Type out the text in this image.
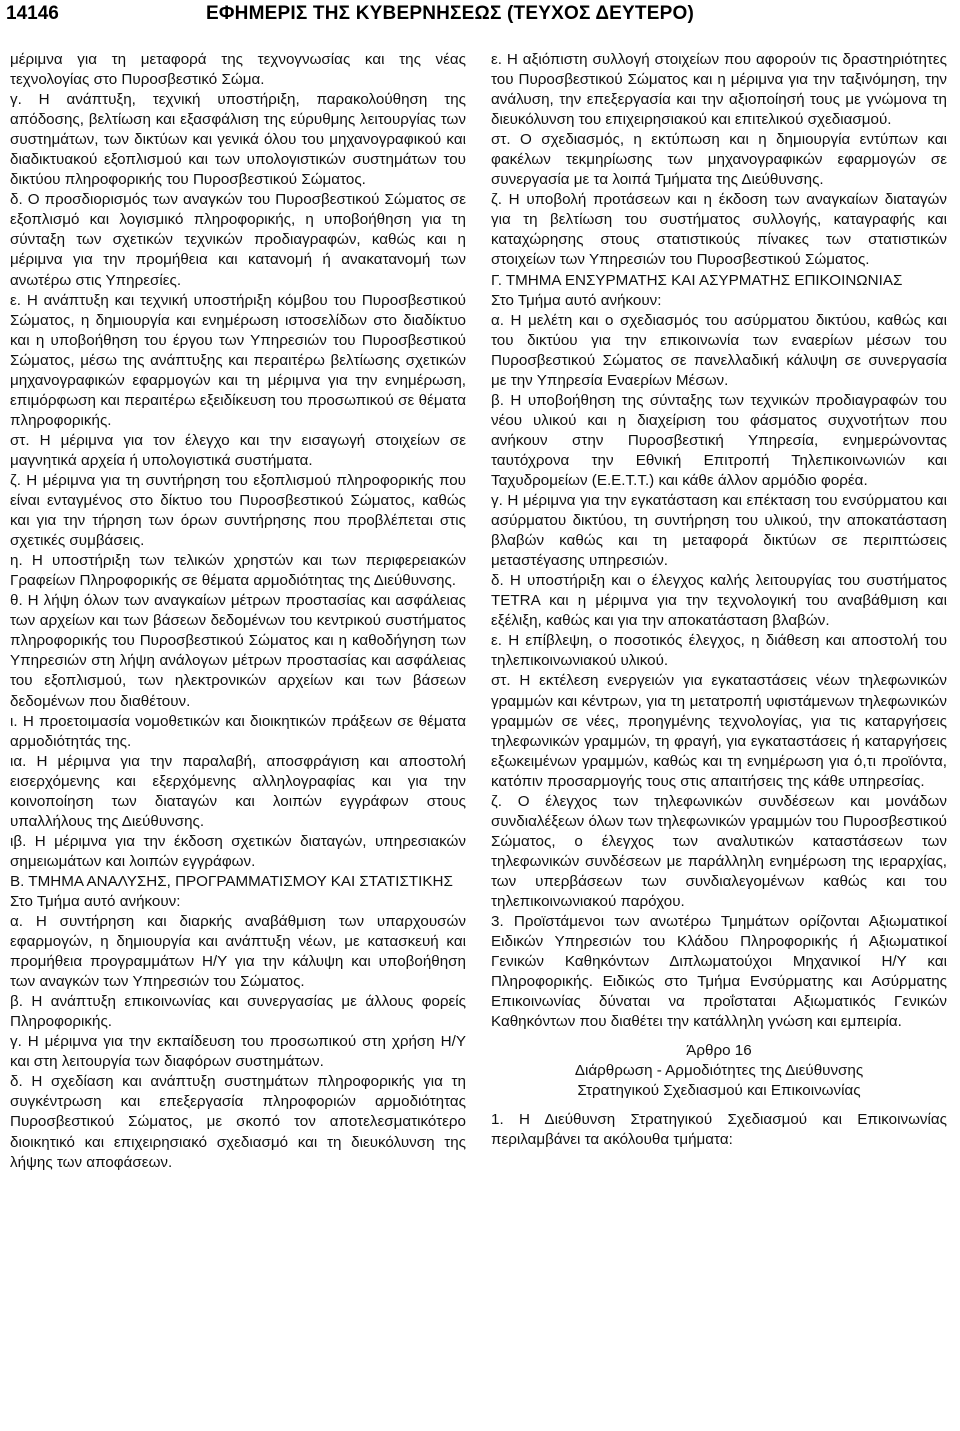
14146	ΕΦΗΜΕΡΙΣ ΤΗΣ ΚΥΒΕΡΝΗΣΕΩΣ (ΤΕΥΧΟΣ ΔΕΥΤΕΡΟ)

μέριμνα για τη μεταφορά της τεχνογνωσίας και της νέας τεχνολογίας στο Πυροσβεστικό Σώμα.

γ. Η ανάπτυξη, τεχνική υποστήριξη, παρακολούθηση της απόδοσης, βελτίωση και εξασφάλιση της εύρυθμης λειτουργίας των συστημάτων, των δικτύων και γενικά όλου του μηχανογραφικού και διαδικτυακού εξοπλισμού και των υπολογιστικών συστημάτων του δικτύου πληροφορικής του Πυροσβεστικού Σώματος.

δ. Ο προσδιορισμός των αναγκών του Πυροσβεστικού Σώματος σε εξοπλισμό και λογισμικό πληροφορικής, η υποβοήθηση για τη σύνταξη των σχετικών τεχνικών προδιαγραφών, καθώς και η μέριμνα για την προμήθεια και κατανομή ή ανακατανομή των ανωτέρω στις Υπηρεσίες.

ε. Η ανάπτυξη και τεχνική υποστήριξη κόμβου του Πυροσβεστικού Σώματος, η δημιουργία και ενημέρωση ιστοσελίδων στο διαδίκτυο και η υποβοήθηση του έργου των Υπηρεσιών του Πυροσβεστικού Σώματος, μέσω της ανάπτυξης και περαιτέρω βελτίωσης σχετικών μηχανογραφικών εφαρμογών και τη μέριμνα για την ενημέρωση, επιμόρφωση και περαιτέρω εξειδίκευση του προσωπικού σε θέματα πληροφορικής.

στ. Η μέριμνα για τον έλεγχο και την εισαγωγή στοιχείων σε μαγνητικά αρχεία ή υπολογιστικά συστήματα.

ζ. Η μέριμνα για τη συντήρηση του εξοπλισμού πληροφορικής που είναι ενταγμένος στο δίκτυο του Πυροσβεστικού Σώματος, καθώς και για την τήρηση των όρων συντήρησης που προβλέπεται στις σχετικές συμβάσεις.

η. Η υποστήριξη των τελικών χρηστών και των περιφερειακών Γραφείων Πληροφορικής σε θέματα αρμοδιότητας της Διεύθυνσης.

θ. Η λήψη όλων των αναγκαίων μέτρων προστασίας και ασφάλειας των αρχείων και των βάσεων δεδομένων του κεντρικού συστήματος πληροφορικής του Πυροσβεστικού Σώματος και η καθοδήγηση των Υπηρεσιών στη λήψη ανάλογων μέτρων προστασίας και ασφάλειας του εξοπλισμού, των ηλεκτρονικών αρχείων και των βάσεων δεδομένων που διαθέτουν.

ι. Η προετοιμασία νομοθετικών και διοικητικών πράξεων σε θέματα αρμοδιότητάς της.

ια. Η μέριμνα για την παραλαβή, αποσφράγιση και αποστολή εισερχόμενης και εξερχόμενης αλληλογραφίας και για την κοινοποίηση των διαταγών και λοιπών εγγράφων στους υπαλλήλους της Διεύθυνσης.

ιβ. Η μέριμνα για την έκδοση σχετικών διαταγών, υπηρεσιακών σημειωμάτων και λοιπών εγγράφων.

Β. ΤΜΗΜΑ ΑΝΑΛΥΣΗΣ, ΠΡΟΓΡΑΜΜΑΤΙΣΜΟΥ ΚΑΙ ΣΤΑΤΙΣΤΙΚΗΣ

Στο Τμήμα αυτό ανήκουν:

α. Η συντήρηση και διαρκής αναβάθμιση των υπαρχουσών εφαρμογών, η δημιουργία και ανάπτυξη νέων, με κατασκευή και προμήθεια προγραμμάτων Η/Υ για την κάλυψη και υποβοήθηση των αναγκών των Υπηρεσιών του Σώματος.

β. Η ανάπτυξη επικοινωνίας και συνεργασίας με άλλους φορείς Πληροφορικής.

γ. Η μέριμνα για την εκπαίδευση του προσωπικού στη χρήση Η/Υ και στη λειτουργία των διαφόρων συστημάτων.

δ. Η σχεδίαση και ανάπτυξη συστημάτων πληροφορικής για τη συγκέντρωση και επεξεργασία πληροφοριών αρμοδιότητας Πυροσβεστικού Σώματος, με σκοπό τον αποτελεσματικότερο διοικητικό και επιχειρησιακό σχεδιασμό και τη διευκόλυνση της λήψης των αποφάσεων.

ε. Η αξιόπιστη συλλογή στοιχείων που αφορούν τις δραστηριότητες του Πυροσβεστικού Σώματος και η μέριμνα για την ταξινόμηση, την ανάλυση, την επεξεργασία και την αξιοποίησή τους με γνώμονα τη διευκόλυνση του επιχειρησιακού και επιτελικού σχεδιασμού.

στ. Ο σχεδιασμός, η εκτύπωση και η δημιουργία εντύπων και φακέλων τεκμηρίωσης των μηχανογραφικών εφαρμογών σε συνεργασία με τα λοιπά Τμήματα της Διεύθυνσης.

ζ. Η υποβολή προτάσεων και η έκδοση των αναγκαίων διαταγών για τη βελτίωση του συστήματος συλλογής, καταγραφής και καταχώρησης στους στατιστικούς πίνακες των στατιστικών στοιχείων των Υπηρεσιών του Πυροσβεστικού Σώματος.

Γ. ΤΜΗΜΑ ΕΝΣΥΡΜΑΤΗΣ ΚΑΙ ΑΣΥΡΜΑΤΗΣ ΕΠΙΚΟΙΝΩΝΙΑΣ

Στο Τμήμα αυτό ανήκουν:

α. Η μελέτη και ο σχεδιασμός του ασύρματου δικτύου, καθώς και του δικτύου για την επικοινωνία των εναερίων μέσων του Πυροσβεστικού Σώματος σε πανελλαδική κάλυψη σε συνεργασία με την Υπηρεσία Εναερίων Μέσων.

β. Η υποβοήθηση της σύνταξης των τεχνικών προδιαγραφών του νέου υλικού και η διαχείριση του φάσματος συχνοτήτων που ανήκουν στην Πυροσβεστική Υπηρεσία, ενημερώνοντας ταυτόχρονα την Εθνική Επιτροπή Τηλεπικοινωνιών και Ταχυδρομείων (Ε.Ε.Τ.Τ.) και κάθε άλλον αρμόδιο φορέα.

γ. Η μέριμνα για την εγκατάσταση και επέκταση του ενσύρματου και ασύρματου δικτύου, τη συντήρηση του υλικού, την αποκατάσταση βλαβών καθώς και τη μεταφορά δικτύων σε περιπτώσεις μεταστέγασης υπηρεσιών.

δ. Η υποστήριξη και ο έλεγχος καλής λειτουργίας του συστήματος TETRA και η μέριμνα για την τεχνολογική του αναβάθμιση και εξέλιξη, καθώς και για την αποκατάσταση βλαβών.

ε. Η επίβλεψη, ο ποσοτικός έλεγχος, η διάθεση και αποστολή του τηλεπικοινωνιακού υλικού.

στ. Η εκτέλεση ενεργειών για εγκαταστάσεις νέων τηλεφωνικών γραμμών και κέντρων, για τη μετατροπή υφιστάμενων τηλεφωνικών γραμμών σε νέες, προηγμένης τεχνολογίας, για τις καταργήσεις τηλεφωνικών γραμμών, τη φραγή, για εγκαταστάσεις ή καταργήσεις εξωκειμένων γραμμών, καθώς και τη ενημέρωση για ό,τι προϊόντα, κατόπιν προσαρμογής τους στις απαιτήσεις της κάθε υπηρεσίας.

ζ. Ο έλεγχος των τηλεφωνικών συνδέσεων και μονάδων συνδιαλέξεων όλων των τηλεφωνικών γραμμών του Πυροσβεστικού Σώματος, ο έλεγχος των αναλυτικών καταστάσεων των τηλεφωνικών συνδέσεων με παράλληλη ενημέρωση της ιεραρχίας, των υπερβάσεων των συνδιαλεγομένων καθώς και του τηλεπικοινωνιακού παρόχου.

3. Προϊστάμενοι των ανωτέρω Τμημάτων ορίζονται Αξιωματικοί Ειδικών Υπηρεσιών του Κλάδου Πληροφορικής ή Αξιωματικοί Γενικών Καθηκόντων Διπλωματούχοι Μηχανικοί Η/Υ και Πληροφορικής. Ειδικώς στο Τμήμα Ενσύρματης και Ασύρματης Επικοινωνίας δύναται να προΐσταται Αξιωματικός Γενικών Καθηκόντων που διαθέτει την κατάλληλη γνώση και εμπειρία.

Άρθρο 16

Διάρθρωση - Αρμοδιότητες της Διεύθυνσης

Στρατηγικού Σχεδιασμού και Επικοινωνίας

1. Η Διεύθυνση Στρατηγικού Σχεδιασμού και Επικοινωνίας περιλαμβάνει τα ακόλουθα τμήματα:
